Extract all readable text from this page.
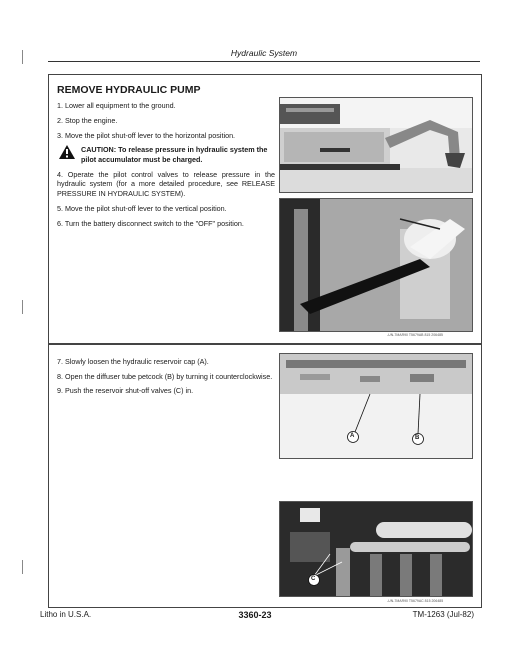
Hydraulic System
REMOVE HYDRAULIC PUMP

1. Lower all equipment to the ground.

2. Stop the engine.

3. Move the pilot shut-off lever to the horizontal position.

CAUTION: To release pressure in hydraulic system the pilot accumulator must be charged.

4. Operate the pilot control valves to release pressure in the hydraulic system (for a more detailed procedure, see RELEASE PRESSURE IN HYDRAULIC SYSTEM).

5. Move the pilot shut-off lever to the vertical position.

6. Turn the battery disconnect switch to the "OFF" position.

-UN-7MAR90 T5679AB 815 206485

7. Slowly loosen the hydraulic reservoir cap (A).

8. Open the diffuser tube petcock (B) by turning it counterclockwise.

9. Push the reservoir shut-off valves (C) in.

A	B
C
-UN-7MAR90 T5679AC 815 206485
Litho in U.S.A.	3360-23	TM-1263 (Jul-82)
